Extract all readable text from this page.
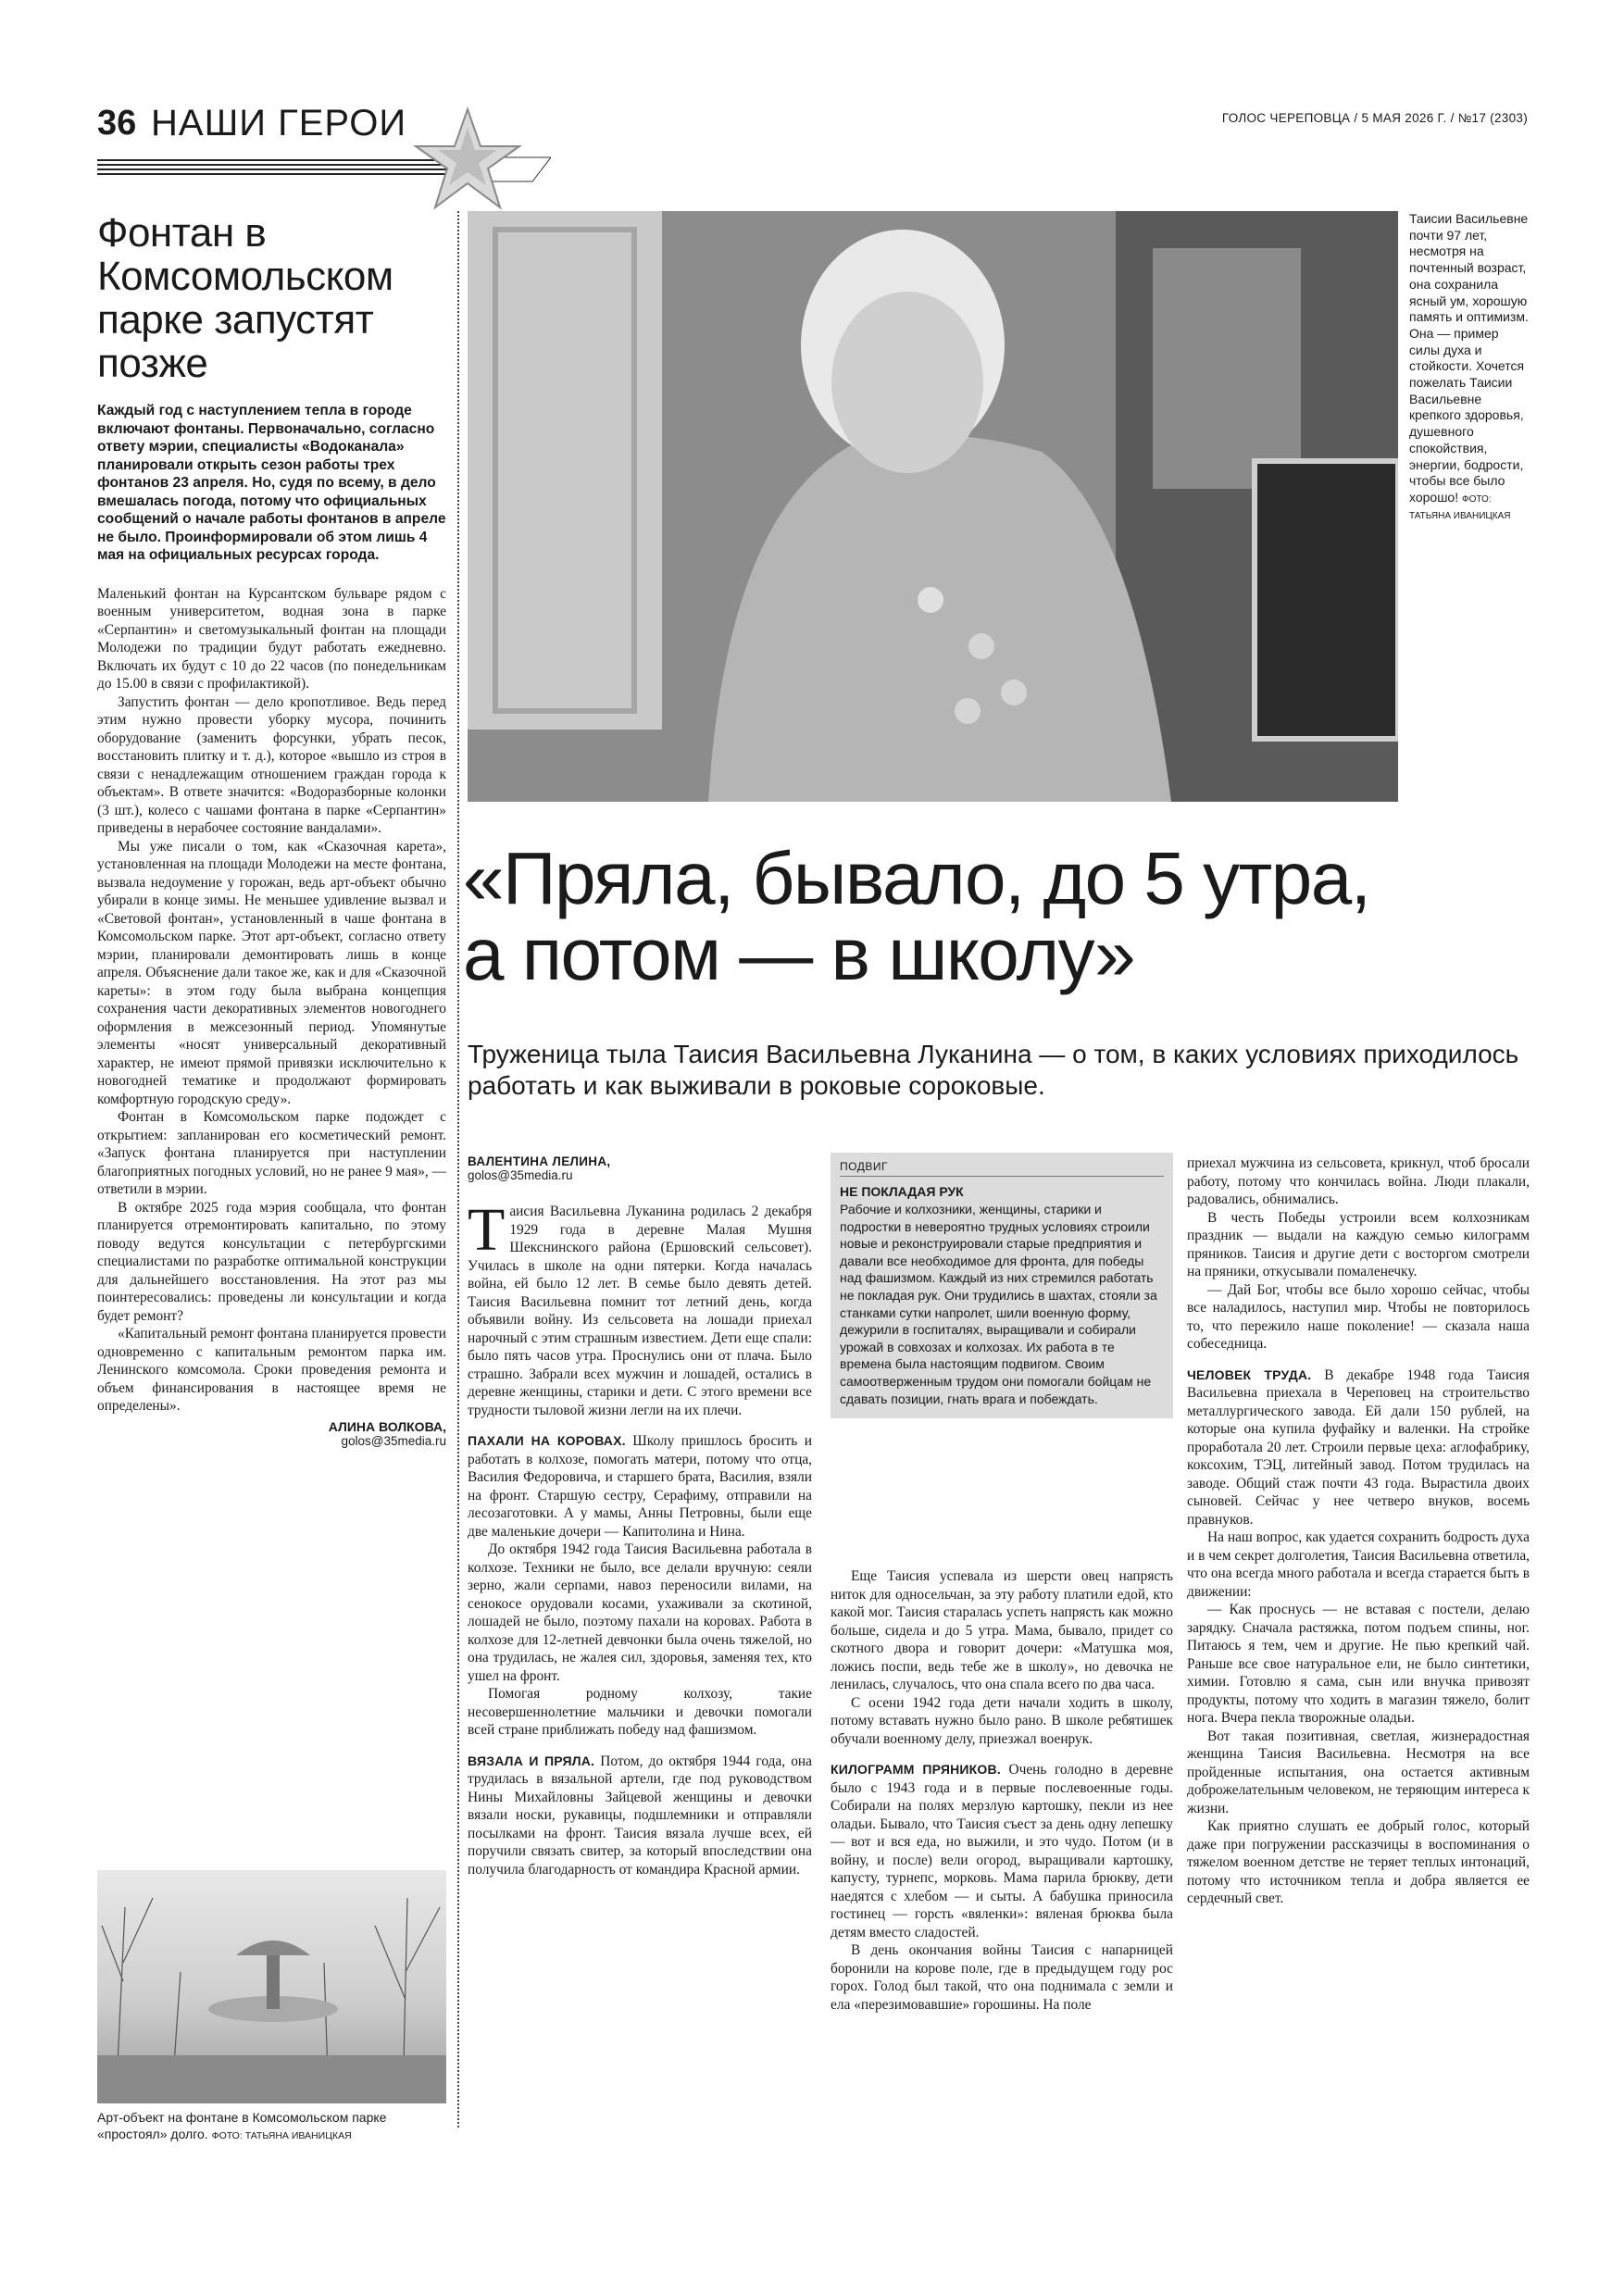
36 НАШИ ГЕРОИ	ГОЛОС ЧЕРЕПОВЦА / 5 МАЯ 2026 Г. / №17 (2303)
Фонтан в Комсомольском парке запустят позже

Каждый год с наступлением тепла в городе включают фонтаны. Первоначально, согласно ответу мэрии, специалисты «Водоканала» планировали открыть сезон работы трех фонтанов 23 апреля. Но, судя по всему, в дело вмешалась погода, потому что официальных сообщений о начале работы фонтанов в апреле не было. Проинформировали об этом лишь 4 мая на официальных ресурсах города.

Маленький фонтан на Курсантском бульваре рядом с военным университетом, водная зона в парке «Серпантин» и светомузыкальный фонтан на площади Молодежи по традиции будут работать ежедневно. Включать их будут с 10 до 22 часов (по понедельникам до 15.00 в связи с профилактикой).

Запустить фонтан — дело кропотливое. Ведь перед этим нужно провести уборку мусора, починить оборудование (заменить форсунки, убрать песок, восстановить плитку и т. д.), которое «вышло из строя в связи с ненадлежащим отношением граждан города к объектам». В ответе значится: «Водоразборные колонки (3 шт.), колесо с чашами фонтана в парке «Серпантин» приведены в нерабочее состояние вандалами».

Мы уже писали о том, как «Сказочная карета», установленная на площади Молодежи на месте фонтана, вызвала недоумение у горожан, ведь арт-объект обычно убирали в конце зимы. Не меньшее удивление вызвал и «Световой фонтан», установленный в чаше фонтана в Комсомольском парке. Этот арт-объект, согласно ответу мэрии, планировали демонтировать лишь в конце апреля. Объяснение дали такое же, как и для «Сказочной кареты»: в этом году была выбрана концепция сохранения части декоративных элементов новогоднего оформления в межсезонный период. Упомянутые элементы «носят универсальный декоративный характер, не имеют прямой привязки исключительно к новогодней тематике и продолжают формировать комфортную городскую среду».

Фонтан в Комсомольском парке подождет с открытием: запланирован его косметический ремонт. «Запуск фонтана планируется при наступлении благоприятных погодных условий, но не ранее 9 мая», — ответили в мэрии.

В октябре 2025 года мэрия сообщала, что фонтан планируется отремонтировать капитально, по этому поводу ведутся консультации с петербургскими специалистами по разработке оптимальной конструкции для дальнейшего восстановления. На этот раз мы поинтересовались: проведены ли консультации и когда будет ремонт?

«Капитальный ремонт фонтана планируется провести одновременно с капитальным ремонтом парка им. Ленинского комсомола. Сроки проведения ремонта и объем финансирования в настоящее время не определены».

АЛИНА ВОЛКОВА,
golos@35media.ru
Арт-объект на фонтане в Комсомольском парке «простоял» долго. ФОТО: ТАТЬЯНА ИВАНИЦКАЯ
Таисии Васильевне почти 97 лет, несмотря на почтенный возраст, она сохранила ясный ум, хорошую память и оптимизм. Она — пример силы духа и стойкости. Хочется пожелать Таисии Васильевне крепкого здоровья, душевного спокойствия, энергии, бодрости, чтобы все было хорошо! ФОТО:
ТАТЬЯНА ИВАНИЦКАЯ
«Пряла, бывало, до 5 утра,
а потом — в школу»
Труженица тыла Таисия Васильевна Луканина — о том, в каких условиях приходилось работать и как выживали в роковые сороковые.
ВАЛЕНТИНА ЛЕЛИНА,
golos@35media.ru

Таисия Васильевна Луканина родилась 2 декабря 1929 года в деревне Малая Мушня Шекснинского района (Ершовский сельсовет). Училась в школе на одни пятерки. Когда началась война, ей было 12 лет. В семье было девять детей. Таисия Васильевна помнит тот летний день, когда объявили войну. Из сельсовета на лошади приехал нарочный с этим страшным известием. Дети еще спали: было пять часов утра. Проснулись они от плача. Было страшно. Забрали всех мужчин и лошадей, остались в деревне женщины, старики и дети. С этого времени все трудности тыловой жизни легли на их плечи.

ПАХАЛИ НА КОРОВАХ. Школу пришлось бросить и работать в колхозе, помогать матери, потому что отца, Василия Федоровича, и старшего брата, Василия, взяли на фронт. Старшую сестру, Серафиму, отправили на лесозаготовки. А у мамы, Анны Петровны, были еще две маленькие дочери — Капитолина и Нина.

До октября 1942 года Таисия Васильевна работала в колхозе. Техники не было, все делали вручную: сеяли зерно, жали серпами, навоз переносили вилами, на сенокосе орудовали косами, ухаживали за скотиной, лошадей не было, поэтому пахали на коровах. Работа в колхозе для 12-летней девчонки была очень тяжелой, но она трудилась, не жалея сил, здоровья, заменяя тех, кто ушел на фронт.

Помогая родному колхозу, такие несовершеннолетние мальчики и девочки помогали всей стране приближать победу над фашизмом.

ВЯЗАЛА И ПРЯЛА. Потом, до октября 1944 года, она трудилась в вязальной артели, где под руководством Нины Михайловны Зайцевой женщины и девочки вязали носки, рукавицы, подшлемники и отправляли посылками на фронт. Таисия вязала лучше всех, ей поручили связать свитер, за который впоследствии она получила благодарность от командира Красной армии.

ПОДВИГ
НЕ ПОКЛАДАЯ РУК
Рабочие и колхозники, женщины, старики и подростки в невероятно трудных условиях строили новые и реконструировали старые предприятия и давали все необходимое для фронта, для победы над фашизмом. Каждый из них стремился работать не покладая рук. Они трудились в шахтах, стояли за станками сутки напролет, шили военную форму, дежурили в госпиталях, выращивали и собирали урожай в совхозах и колхозах. Их работа в те времена была настоящим подвигом. Своим самоотверженным трудом они помогали бойцам не сдавать позиции, гнать врага и побеждать.

Еще Таисия успевала из шерсти овец напрясть ниток для односельчан, за эту работу платили едой, кто какой мог. Таисия старалась успеть напрясть как можно больше, сидела и до 5 утра. Мама, бывало, придет со скотного двора и говорит дочери: «Матушка моя, ложись поспи, ведь тебе же в школу», но девочка не ленилась, случалось, что она спала всего по два часа.

С осени 1942 года дети начали ходить в школу, потому вставать нужно было рано. В школе ребятишек обучали военному делу, приезжал военрук.

КИЛОГРАММ ПРЯНИКОВ. Очень голодно в деревне было с 1943 года и в первые послевоенные годы. Собирали на полях мерзлую картошку, пекли из нее оладьи. Бывало, что Таисия съест за день одну лепешку — вот и вся еда, но выжили, и это чудо. Потом (и в войну, и после) вели огород, выращивали картошку, капусту, турнепс, морковь. Мама парила брюкву, дети наедятся с хлебом — и сыты. А бабушка приносила гостинец — горсть «вяленки»: вяленая брюква была детям вместо сладостей.

В день окончания войны Таисия с напарницей боронили на корове поле, где в предыдущем году рос горох. Голод был такой, что она поднимала с земли и ела «перезимовавшие» горошины. На поле

приехал мужчина из сельсовета, крикнул, чтоб бросали работу, потому что кончилась война. Люди плакали, радовались, обнимались.

В честь Победы устроили всем колхозникам праздник — выдали на каждую семью килограмм пряников. Таисия и другие дети с восторгом смотрели на пряники, откусывали помаленечку.

— Дай Бог, чтобы все было хорошо сейчас, чтобы все наладилось, наступил мир. Чтобы не повторилось то, что пережило наше поколение! — сказала наша собеседница.

ЧЕЛОВЕК ТРУДА. В декабре 1948 года Таисия Васильевна приехала в Череповец на строительство металлургического завода. Ей дали 150 рублей, на которые она купила фуфайку и валенки. На стройке проработала 20 лет. Строили первые цеха: аглофабрику, коксохим, ТЭЦ, литейный завод. Потом трудилась на заводе. Общий стаж почти 43 года. Вырастила двоих сыновей. Сейчас у нее четверо внуков, восемь правнуков.

На наш вопрос, как удается сохранить бодрость духа и в чем секрет долголетия, Таисия Васильевна ответила, что она всегда много работала и всегда старается быть в движении:

— Как проснусь — не вставая с постели, делаю зарядку. Сначала растяжка, потом подъем спины, ног. Питаюсь я тем, чем и другие. Не пью крепкий чай. Раньше все свое натуральное ели, не было синтетики, химии. Готовлю я сама, сын или внучка привозят продукты, потому что ходить в магазин тяжело, болит нога. Вчера пекла творожные оладьи.

Вот такая позитивная, светлая, жизнерадостная женщина Таисия Васильевна. Несмотря на все пройденные испытания, она остается активным доброжелательным человеком, не теряющим интереса к жизни.

Как приятно слушать ее добрый голос, который даже при погружении рассказчицы в воспоминания о тяжелом военном детстве не теряет теплых интонаций, потому что источником тепла и добра является ее сердечный свет.
